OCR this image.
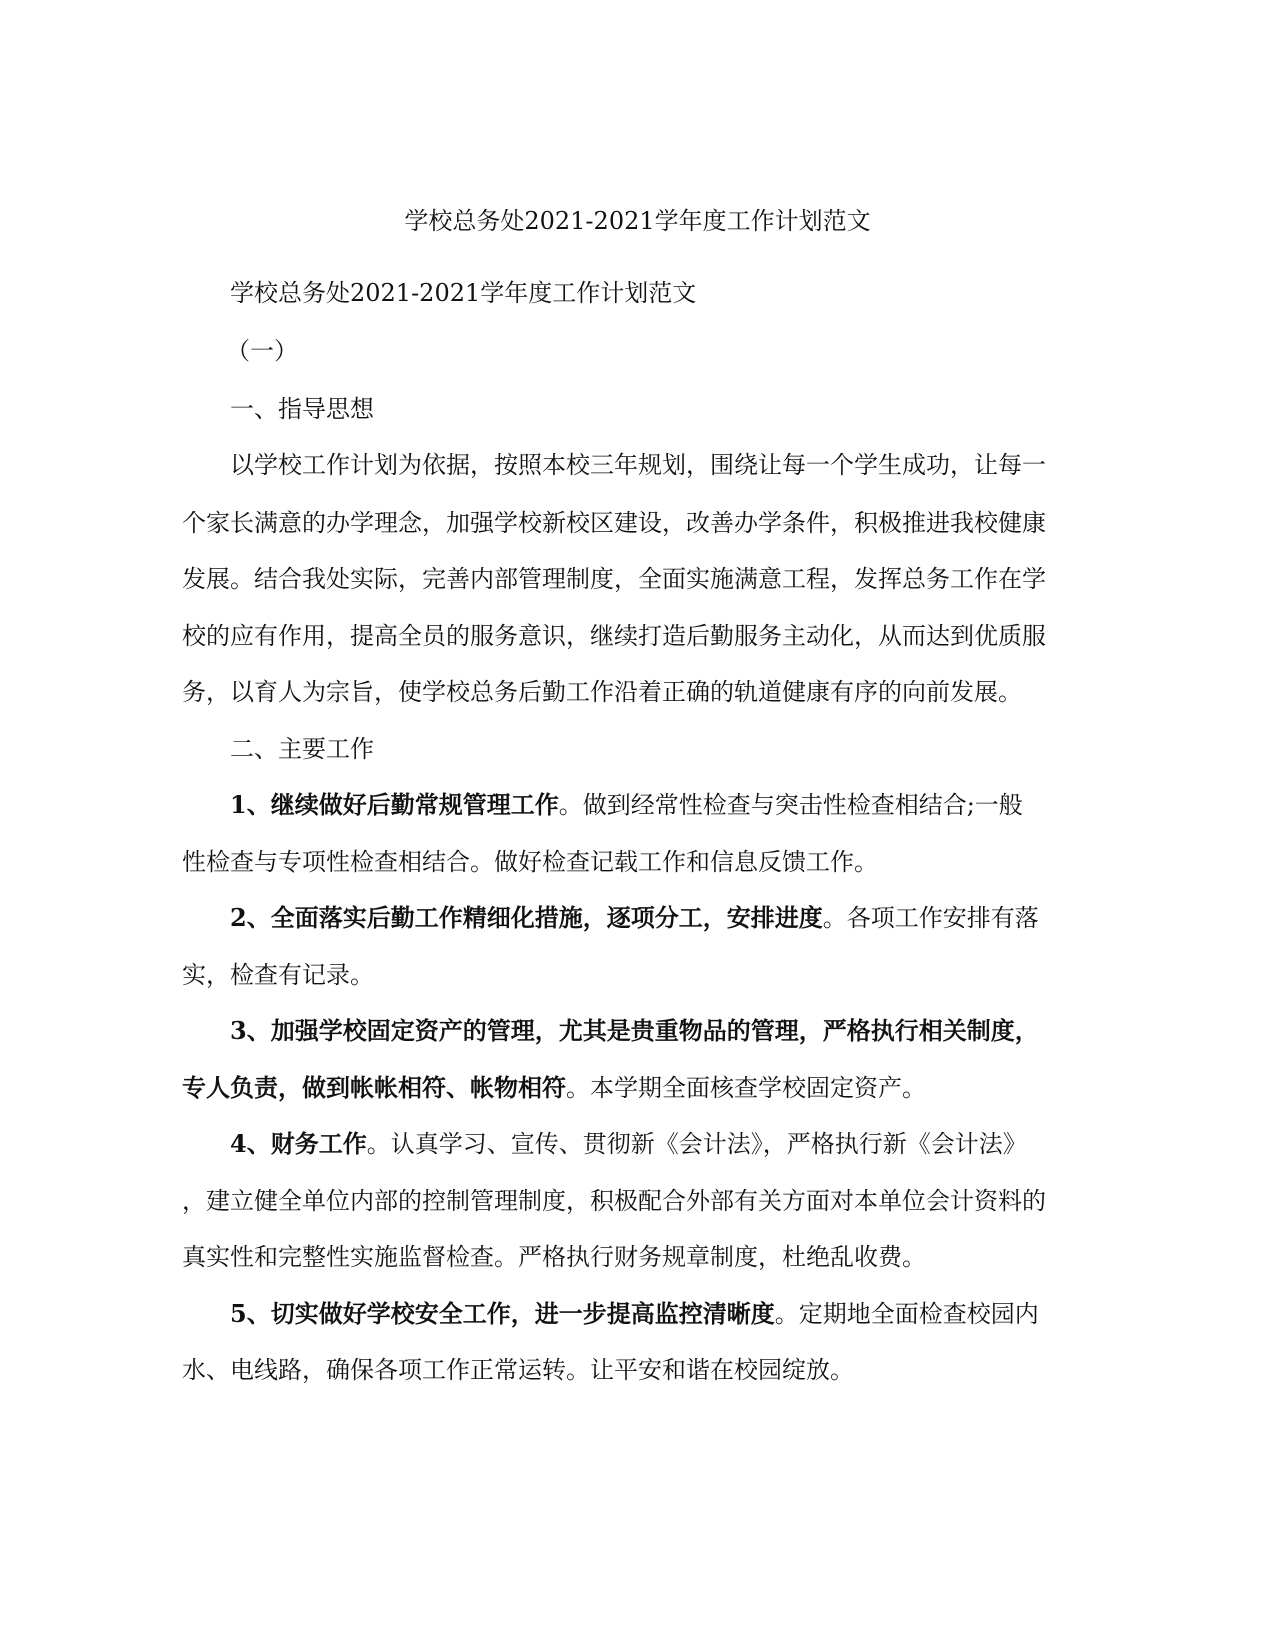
学校总务处2021-2021学年度工作计划范文
学校总务处2021-2021学年度工作计划范文
（一）
一、指导思想
以学校工作计划为依据，按照本校三年规划，围绕让每一个学生成功，让每一
个家长满意的办学理念，加强学校新校区建设，改善办学条件，积极推进我校健康
发展。结合我处实际，完善内部管理制度，全面实施满意工程，发挥总务工作在学
校的应有作用，提高全员的服务意识，继续打造后勤服务主动化，从而达到优质服
务，以育人为宗旨，使学校总务后勤工作沿着正确的轨道健康有序的向前发展。
二、主要工作
1、继续做好后勤常规管理工作。做到经常性检查与突击性检查相结合;一般
性检查与专项性检查相结合。做好检查记载工作和信息反馈工作。
2、全面落实后勤工作精细化措施，逐项分工，安排进度。各项工作安排有落
实，检查有记录。
3、加强学校固定资产的管理，尤其是贵重物品的管理，严格执行相关制度，
专人负责，做到帐帐相符、帐物相符。本学期全面核查学校固定资产。
4、财务工作。认真学习、宣传、贯彻新《会计法》，严格执行新《会计法》
，建立健全单位内部的控制管理制度，积极配合外部有关方面对本单位会计资料的
真实性和完整性实施监督检查。严格执行财务规章制度，杜绝乱收费。
5、切实做好学校安全工作，进一步提高监控清晰度。定期地全面检查校园内
水、电线路，确保各项工作正常运转。让平安和谐在校园绽放。
